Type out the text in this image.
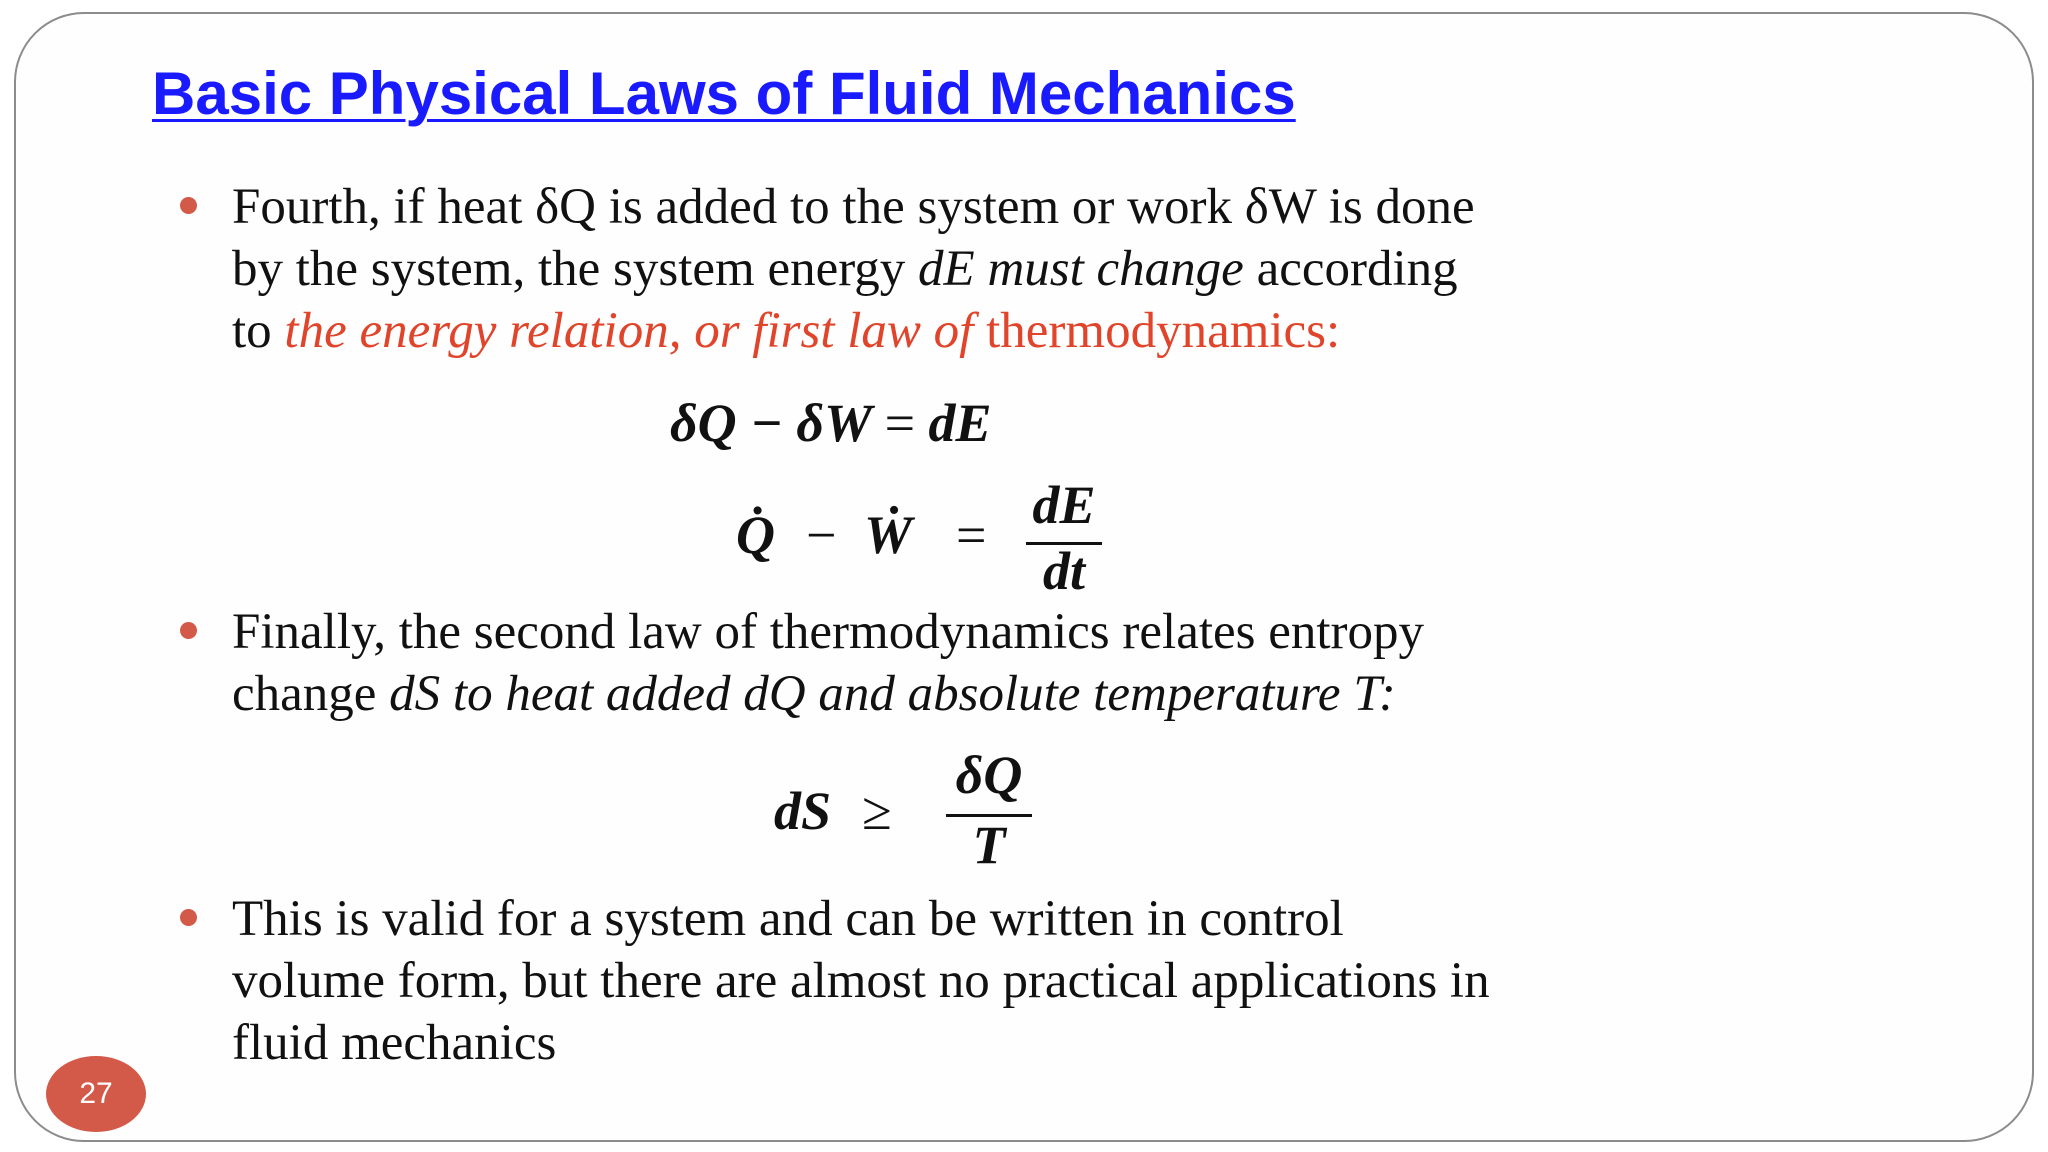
Basic Physical Laws of Fluid Mechanics

Fourth, if heat δQ is added to the system or work δW is done

by the system, the system energy dE must change according

to the energy relation, or first law of thermodynamics:

δQ − δW = dE
Q̇ − Ẇ = dE
dt

Finally, the second law of thermodynamics relates entropy

change dS to heat added dQ and absolute temperature T:

dS ≥
δQ
T

This is valid for a system and can be written in control

volume form, but there are almost no practical applications in

fluid mechanics

27
